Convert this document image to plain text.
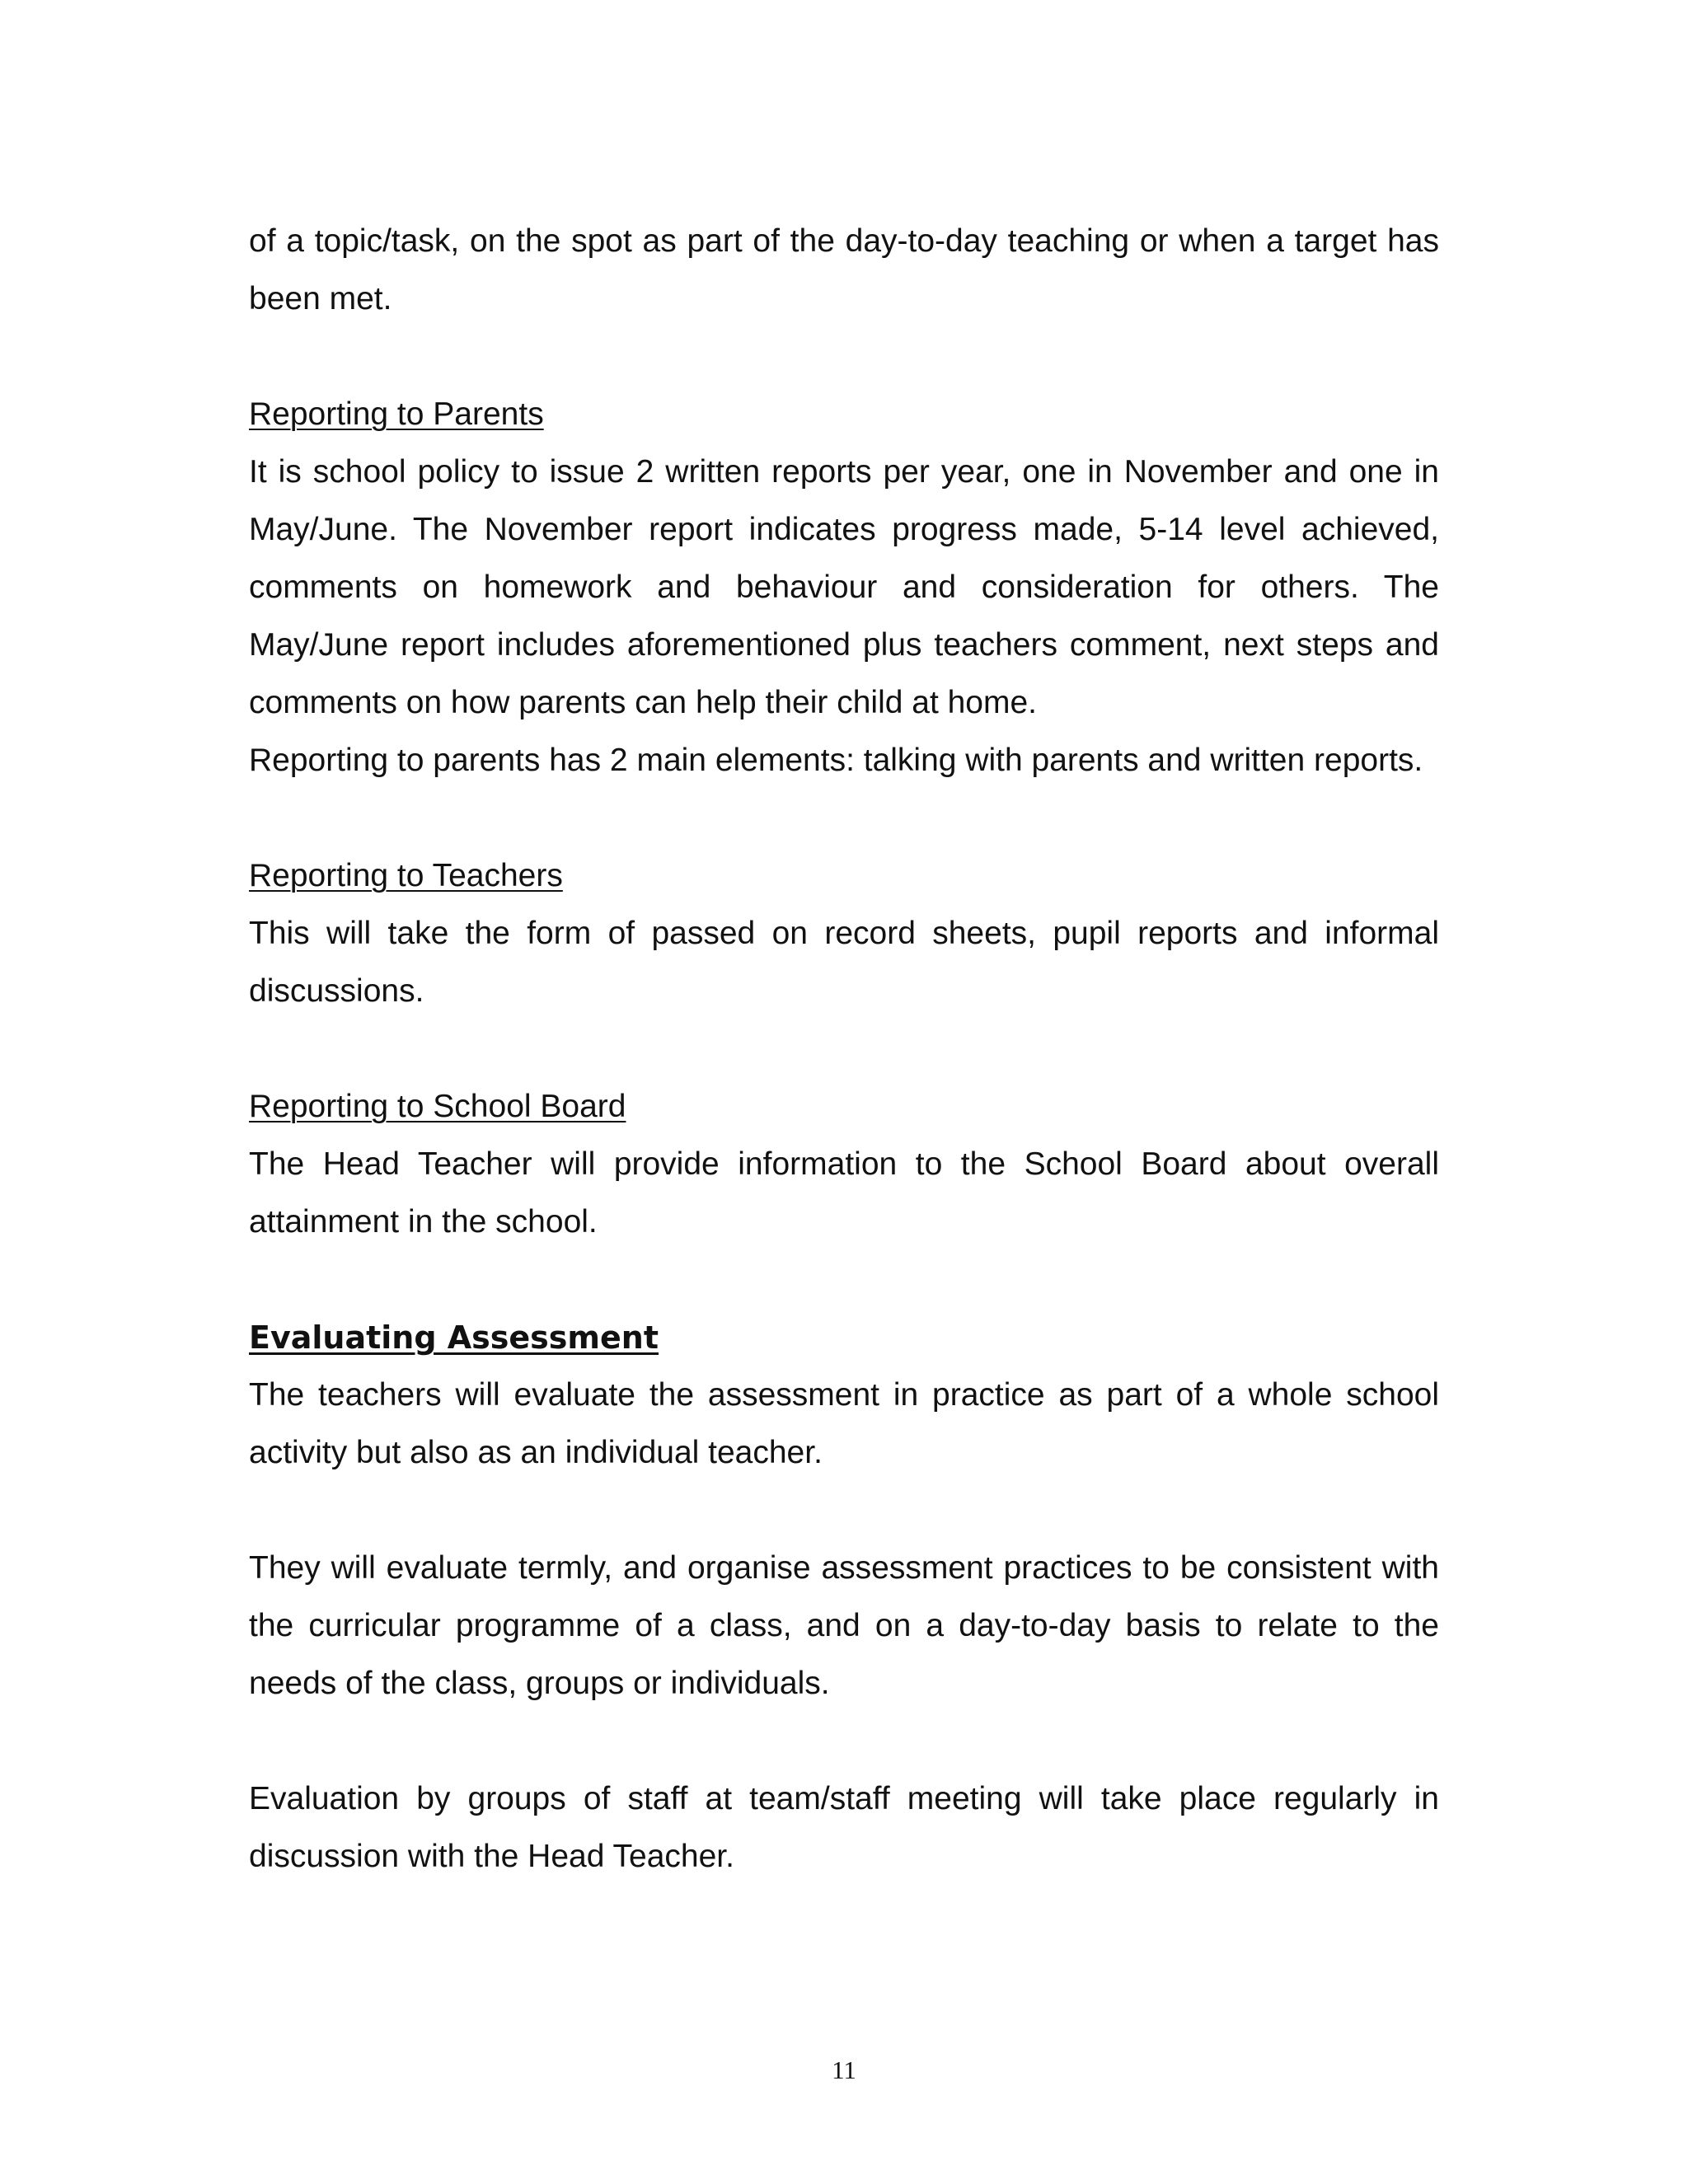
of a topic/task, on the spot as part of the day-to-day teaching or when a target has been met.

Reporting to Parents

It is school policy to issue 2 written reports per year, one in November and one in May/June. The November report indicates progress made, 5-14 level achieved, comments on homework and behaviour and consideration for others. The May/June report includes aforementioned plus teachers comment, next steps and comments on how parents can help their child at home.

Reporting to parents has 2 main elements: talking with parents and written reports.

Reporting to Teachers

This will take the form of passed on record sheets, pupil reports and informal discussions.

Reporting to School Board

The Head Teacher will provide information to the School Board about overall attainment in the school.

Evaluating Assessment

The teachers will evaluate the assessment in practice as part of a whole school activity but also as an individual teacher.

They will evaluate termly, and organise assessment practices to be consistent with the curricular programme of a class, and on a day-to-day basis to relate to the needs of the class, groups or individuals.

Evaluation by groups of staff at team/staff meeting will take place regularly in discussion with the Head Teacher.

11
